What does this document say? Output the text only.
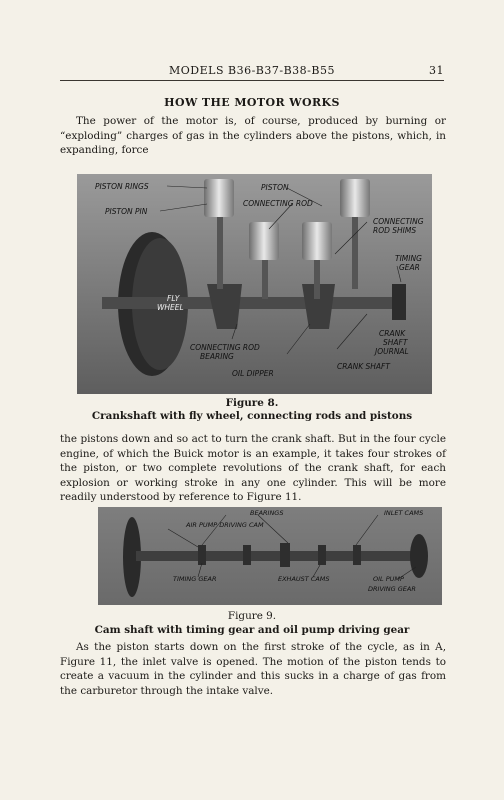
MODELS B36-B37-B38-B55	31
HOW THE MOTOR WORKS
The power of the motor is, of course, produced by burning or “exploding” charges of gas in the cylinders above the pistons, which, in expanding, force
PISTON RINGS	PISTON
PISTON PIN
CONNECTING ROD
CONNECTING
ROD SHIMS
TIMING
GEAR
FLY
WHEEL
CRANK
SHAFT
JOURNAL
CONNECTING ROD
BEARING
OIL DIPPER
CRANK SHAFT
Figure 8.
Crankshaft with fly wheel, connecting rods and pistons
the pistons down and so act to turn the crank shaft. But in the four cycle engine, of which the Buick motor is an example, it takes four strokes of the piston, or two complete revolutions of the crank shaft, for each explosion or working stroke in any one cylinder. This will be more readily understood by reference to Figure 11.
BEARINGS	INLET CAMS
AIR PUMP DRIVING CAM
TIMING GEAR	EXHAUST CAMS	OIL PUMP
DRIVING GEAR
Figure 9.
Cam shaft with timing gear and oil pump driving gear
As the piston starts down on the first stroke of the cycle, as in A, Figure 11, the inlet valve is opened. The motion of the piston tends to create a vacuum in the cylinder and this sucks in a charge of gas from the carburetor through the intake valve.
